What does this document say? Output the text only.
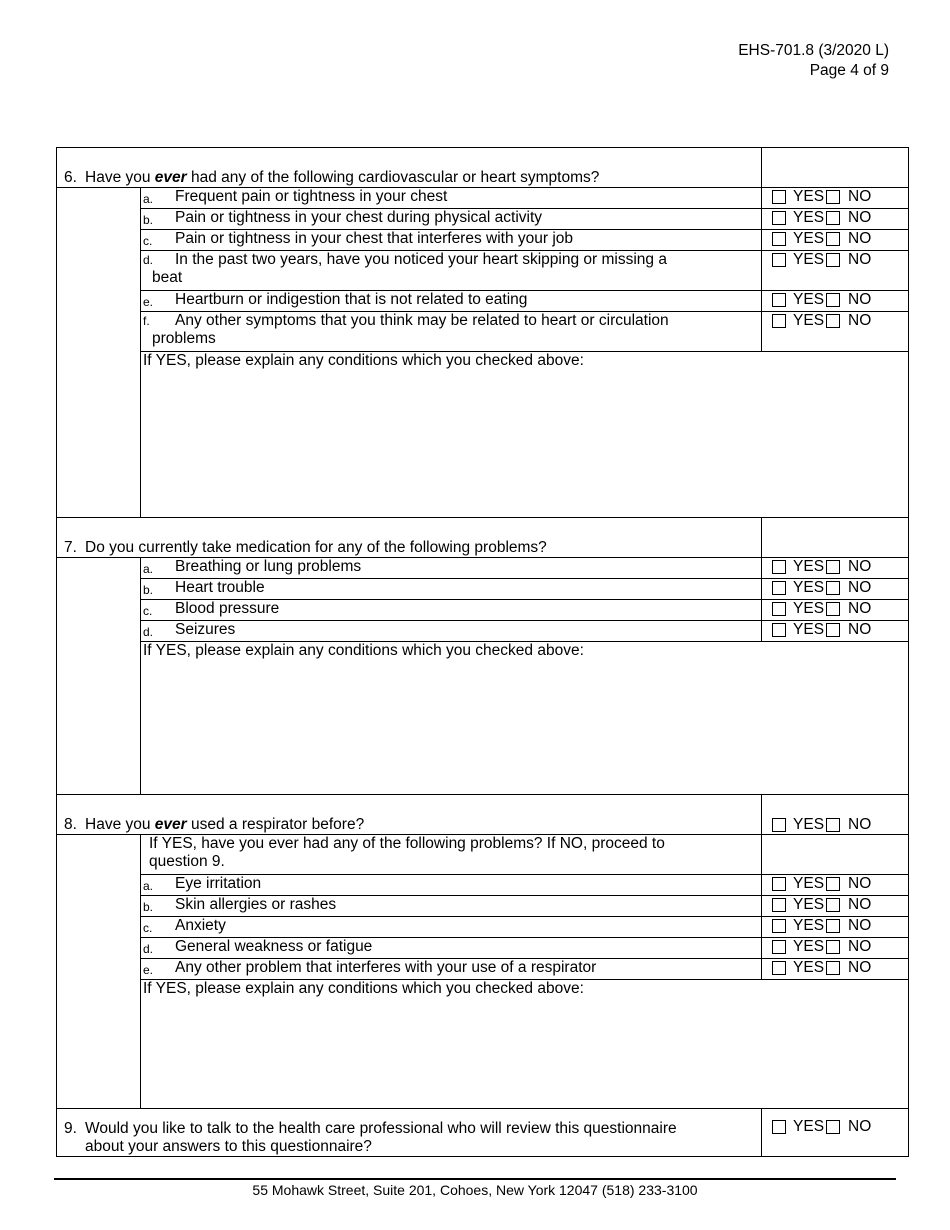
EHS-701.8 (3/2020 L)
Page 4 of 9
6. Have you ever had any of the following cardiovascular or heart symptoms?		

	a. Frequent pain or tightness in your chest	YES NO

	b. Pain or tightness in your chest during physical activity	YES NO

	c. Pain or tightness in your chest that interferes with your job	YES NO

	d. In the past two years, have you noticed your heart skipping or missing a
beat	YES NO

	e. Heartburn or indigestion that is not related to eating	YES NO

	f. Any other symptoms that you think may be related to heart or circulation
problems	YES NO

	If YES, please explain any conditions which you checked above:	
7. Do you currently take medication for any of the following problems?		

	a. Breathing or lung problems	YES NO

	b. Heart trouble	YES NO

	c. Blood pressure	YES NO

	d. Seizures	YES NO

	If YES, please explain any conditions which you checked above:	
8. Have you ever used a respirator before?		YES NO

	If YES, have you ever had any of the following problems? If NO, proceed to
question 9.	

	a. Eye irritation	YES NO

	b. Skin allergies or rashes	YES NO

	c. Anxiety	YES NO

	d. General weakness or fatigue	YES NO

	e. Any other problem that interferes with your use of a respirator	YES NO

	If YES, please explain any conditions which you checked above:	

9. Would you like to talk to the health care professional who will review this questionnaire
about your answers to this questionnaire?		YES NO
55 Mohawk Street, Suite 201, Cohoes, New York 12047 (518) 233-3100
